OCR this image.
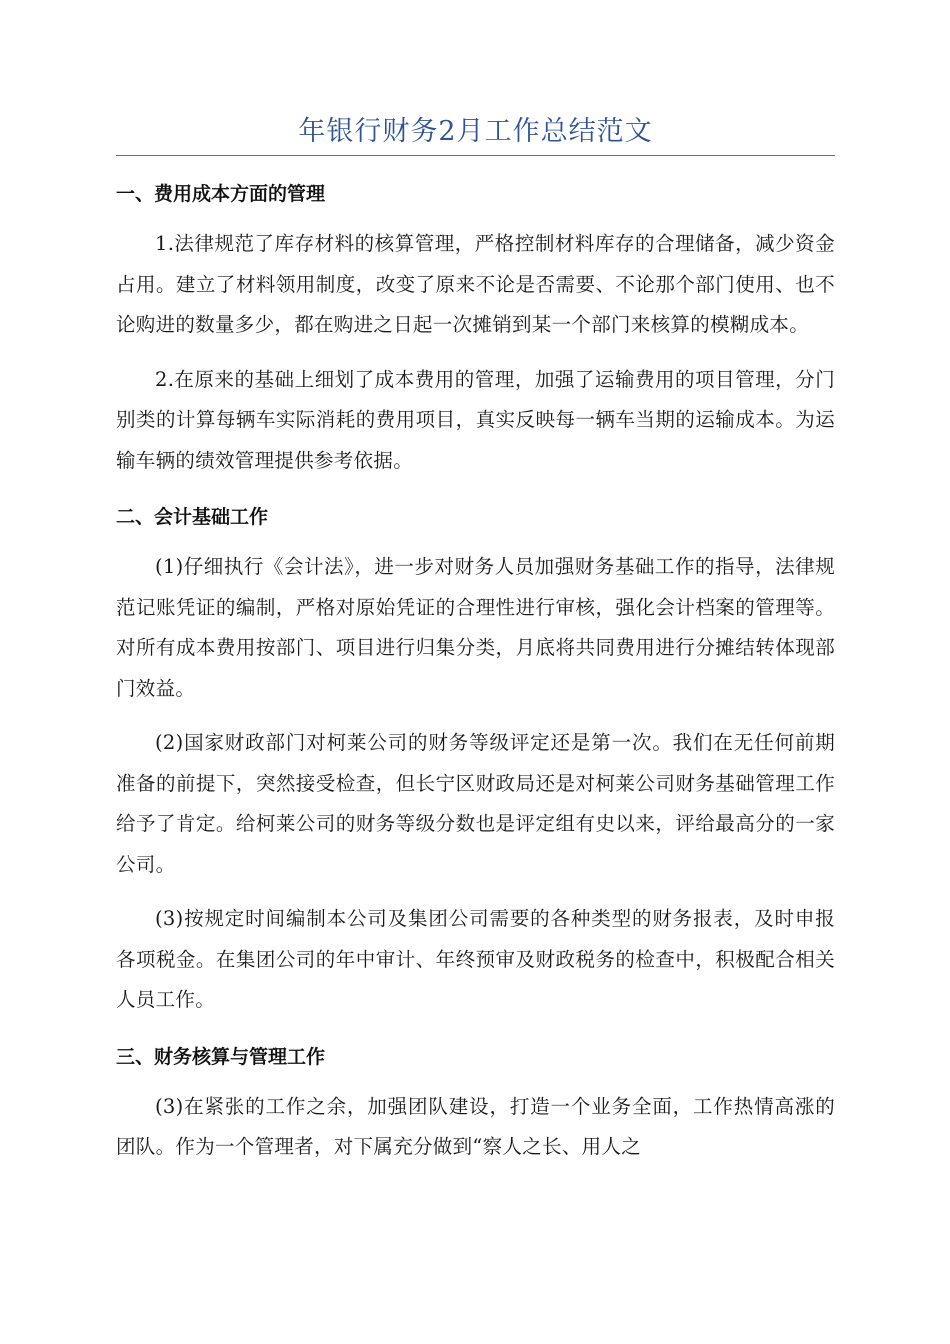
年银行财务2月工作总结范文
一、费用成本方面的管理

1.法律规范了库存材料的核算管理，严格控制材料库存的合理储备，减少资金占用。建立了材料领用制度，改变了原来不论是否需要、不论那个部门使用、也不论购进的数量多少，都在购进之日起一次摊销到某一个部门来核算的模糊成本。

2.在原来的基础上细划了成本费用的管理，加强了运输费用的项目管理，分门别类的计算每辆车实际消耗的费用项目，真实反映每一辆车当期的运输成本。为运输车辆的绩效管理提供参考依据。

二、会计基础工作

(1)仔细执行《会计法》，进一步对财务人员加强财务基础工作的指导，法律规范记账凭证的编制，严格对原始凭证的合理性进行审核，强化会计档案的管理等。对所有成本费用按部门、项目进行归集分类，月底将共同费用进行分摊结转体现部门效益。

(2)国家财政部门对柯莱公司的财务等级评定还是第一次。我们在无任何前期准备的前提下，突然接受检查，但长宁区财政局还是对柯莱公司财务基础管理工作给予了肯定。给柯莱公司的财务等级分数也是评定组有史以来，评给最高分的一家公司。

(3)按规定时间编制本公司及集团公司需要的各种类型的财务报表，及时申报各项税金。在集团公司的年中审计、年终预审及财政税务的检查中，积极配合相关人员工作。

三、财务核算与管理工作

(3)在紧张的工作之余，加强团队建设，打造一个业务全面，工作热情高涨的团队。作为一个管理者，对下属充分做到“察人之长、用人之
